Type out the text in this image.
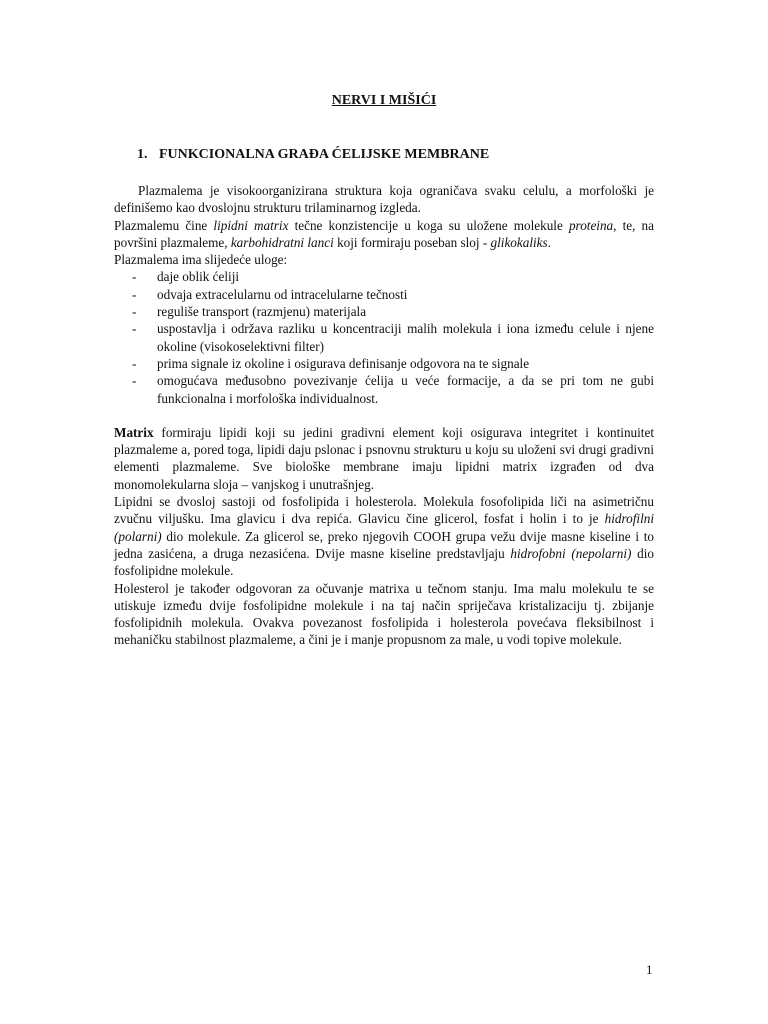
NERVI I MIŠIĆI
1. FUNKCIONALNA GRAĐA ĆELIJSKE MEMBRANE

Plazmalema je visokoorganizirana struktura koja ograničava svaku celulu, a morfološki je definišemo kao dvoslojnu strukturu trilaminarnog izgleda.

Plazmalemu čine lipidni matrix tečne konzistencije u koga su uložene molekule proteina, te, na površini plazmaleme, karbohidratni lanci koji formiraju poseban sloj - glikokaliks.

Plazmalema ima slijedeće uloge:

- daje oblik ćeliji
- odvaja extracelularnu od intracelularne tečnosti
- reguliše transport (razmjenu) materijala
- uspostavlja i održava razliku u koncentraciji malih molekula i iona između celule i njene okoline (visokoselektivni filter)
- prima signale iz okoline i osigurava definisanje odgovora na te signale
- omogućava međusobno povezivanje ćelija u veće formacije, a da se pri tom ne gubi funkcionalna i morfološka individualnost.

Matrix formiraju lipidi koji su jedini gradivni element koji osigurava integritet i kontinuitet plazmaleme a, pored toga, lipidi daju pslonac i psnovnu strukturu u koju su uloženi svi drugi gradivni elementi plazmaleme. Sve biološke membrane imaju lipidni matrix izgrađen od dva monomolekularna sloja – vanjskog i unutrašnjeg.

Lipidni se dvosloj sastoji od fosfolipida i holesterola. Molekula fosofolipida liči na asimetričnu zvučnu viljušku. Ima glavicu i dva repića. Glavicu čine glicerol, fosfat i holin i to je hidrofilni (polarni) dio molekule. Za glicerol se, preko njegovih COOH grupa vežu dvije masne kiseline i to jedna zasićena, a druga nezasićena. Dvije masne kiseline predstavljaju hidrofobni (nepolarni) dio fosfolipidne molekule.

Holesterol je također odgovoran za očuvanje matrixa u tečnom stanju. Ima malu molekulu te se utiskuje između dvije fosfolipidne molekule i na taj način spriječava kristalizaciju tj. zbijanje fosfolipidnih molekula. Ovakva povezanost fosfolipida i holesterola povećava fleksibilnost i mehaničku stabilnost plazmaleme, a čini je i manje propusnom za male, u vodi topive molekule.

1
